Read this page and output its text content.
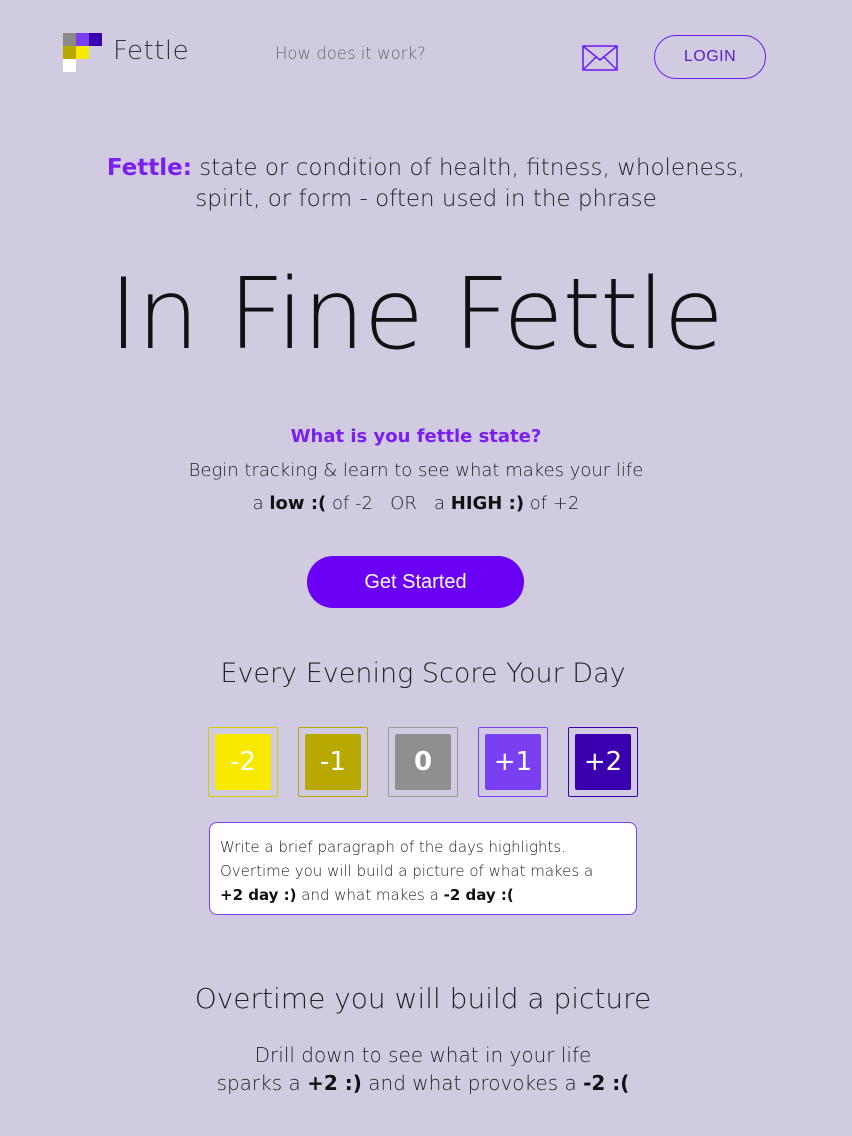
Fettle	How does it work?	LOGIN
Fettle: state or condition of health, fitness, wholeness,
spirit, or form - often used in the phrase
In Fine Fettle
What is you fettle state?
Begin tracking & learn to see what makes your life
a low :( of -2   OR   a HIGH :) of +2
Get Started
Every Evening Score Your Day
-2	-1	0	+1	+2
Write a brief paragraph of the days highlights.
Overtime you will build a picture of what makes a
+2 day :) and what makes a -2 day :(
Overtime you will build a picture
Drill down to see what in your life
sparks a +2 :) and what provokes a -2 :(
